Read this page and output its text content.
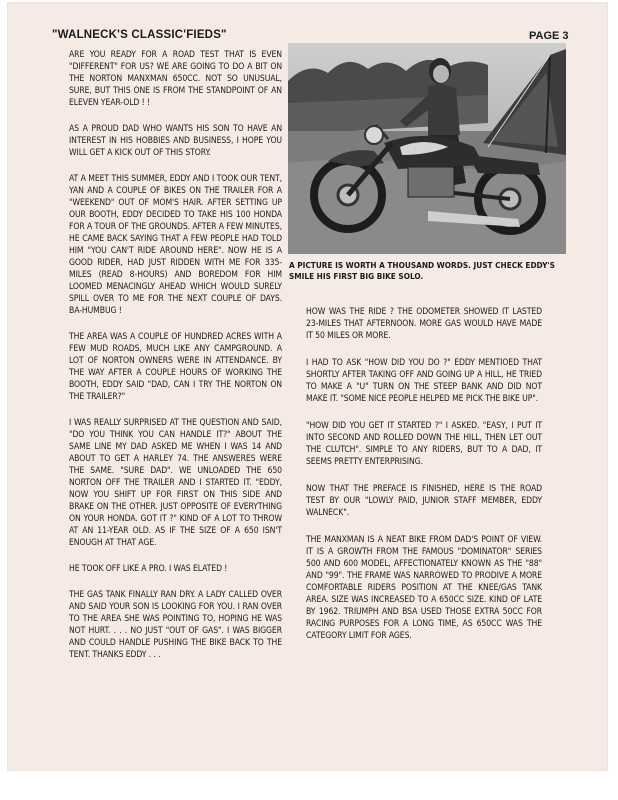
"WALNECK'S CLASSIC'FIEDS"	PAGE 3

ARE YOU READY FOR A ROAD TEST THAT IS EVEN "DIFFERENT" FOR US? WE ARE GOING TO DO A BIT ON THE NORTON MANXMAN 650CC. NOT SO UNUSUAL, SURE, BUT THIS ONE IS FROM THE STANDPOINT OF AN ELEVEN YEAR-OLD ! !

AS A PROUD DAD WHO WANTS HIS SON TO HAVE AN INTEREST IN HIS HOBBIES AND BUSINESS, I HOPE YOU WILL GET A KICK OUT OF THIS STORY.

AT A MEET THIS SUMMER, EDDY AND I TOOK OUR TENT, YAN AND A COUPLE OF BIKES ON THE TRAILER FOR A "WEEKEND" OUT OF MOM'S HAIR. AFTER SETTING UP OUR BOOTH, EDDY DECIDED TO TAKE HIS 100 HONDA FOR A TOUR OF THE GROUNDS. AFTER A FEW MINUTES, HE CAME BACK SAYING THAT A FEW PEOPLE HAD TOLD HIM "YOU CAN'T RIDE AROUND HERE". NOW HE IS A GOOD RIDER, HAD JUST RIDDEN WITH ME FOR 335-MILES (READ 8-HOURS) AND BOREDOM FOR HIM LOOMED MENACINGLY AHEAD WHICH WOULD SURELY SPILL OVER TO ME FOR THE NEXT COUPLE OF DAYS. BA-HUMBUG !

THE AREA WAS A COUPLE OF HUNDRED ACRES WITH A FEW MUD ROADS, MUCH LIKE ANY CAMPGROUND. A LOT OF NORTON OWNERS WERE IN ATTENDANCE. BY THE WAY AFTER A COUPLE HOURS OF WORKING THE BOOTH, EDDY SAID "DAD, CAN I TRY THE NORTON ON THE TRAILER?"

I WAS REALLY SURPRISED AT THE QUESTION AND SAID, "DO YOU THINK YOU CAN HANDLE IT?" ABOUT THE SAME LINE MY DAD ASKED ME WHEN I WAS 14 AND ABOUT TO GET A HARLEY 74. THE ANSWERES WERE THE SAME. "SURE DAD". WE UNLOADED THE 650 NORTON OFF THE TRAILER AND I STARTED IT. "EDDY, NOW YOU SHIFT UP FOR FIRST ON THIS SIDE AND BRAKE ON THE OTHER. JUST OPPOSITE OF EVERYTHING ON YOUR HONDA. GOT IT ?" KIND OF A LOT TO THROW AT AN 11-YEAR OLD. AS IF THE SIZE OF A 650 ISN'T ENOUGH AT THAT AGE.

HE TOOK OFF LIKE A PRO. I WAS ELATED !

THE GAS TANK FINALLY RAN DRY. A LADY CALLED OVER AND SAID YOUR SON IS LOOKING FOR YOU. I RAN OVER TO THE AREA SHE WAS POINTING TO, HOPING HE WAS NOT HURT. . . . NO JUST "OUT OF GAS". I WAS BIGGER AND COULD HANDLE PUSHING THE BIKE BACK TO THE TENT. THANKS EDDY . . .

A PICTURE IS WORTH A THOUSAND WORDS. JUST CHECK EDDY'S SMILE HIS FIRST BIG BIKE SOLO.

HOW WAS THE RIDE ? THE ODOMETER SHOWED IT LASTED 23-MILES THAT AFTERNOON. MORE GAS WOULD HAVE MADE IT 50 MILES OR MORE.

I HAD TO ASK "HOW DID YOU DO ?" EDDY MENTIOED THAT SHORTLY AFTER TAKING OFF AND GOING UP A HILL, HE TRIED TO MAKE A "U" TURN ON THE STEEP BANK AND DID NOT MAKE IT. "SOME NICE PEOPLE HELPED ME PICK THE BIKE UP".

"HOW DID YOU GET IT STARTED ?" I ASKED. "EASY, I PUT IT INTO SECOND AND ROLLED DOWN THE HILL, THEN LET OUT THE CLUTCH". SIMPLE TO ANY RIDERS, BUT TO A DAD, IT SEEMS PRETTY ENTERPRISING.

NOW THAT THE PREFACE IS FINISHED, HERE IS THE ROAD TEST BY OUR "LOWLY PAID, JUNIOR STAFF MEMBER, EDDY WALNECK".

THE MANXMAN IS A NEAT BIKE FROM DAD'S POINT OF VIEW. IT IS A GROWTH FROM THE FAMOUS "DOMINATOR" SERIES 500 AND 600 MODEL, AFFECTIONATELY KNOWN AS THE "88" AND "99". THE FRAME WAS NARROWED TO PRODIVE A MORE COMFORTABLE RIDERS POSITION AT THE KNEE/GAS TANK AREA. SIZE WAS INCREASED TO A 650CC SIZE. KIND OF LATE BY 1962. TRIUMPH AND BSA USED THOSE EXTRA 50CC FOR RACING PURPOSES FOR A LONG TIME, AS 650CC WAS THE CATEGORY LIMIT FOR AGES.
